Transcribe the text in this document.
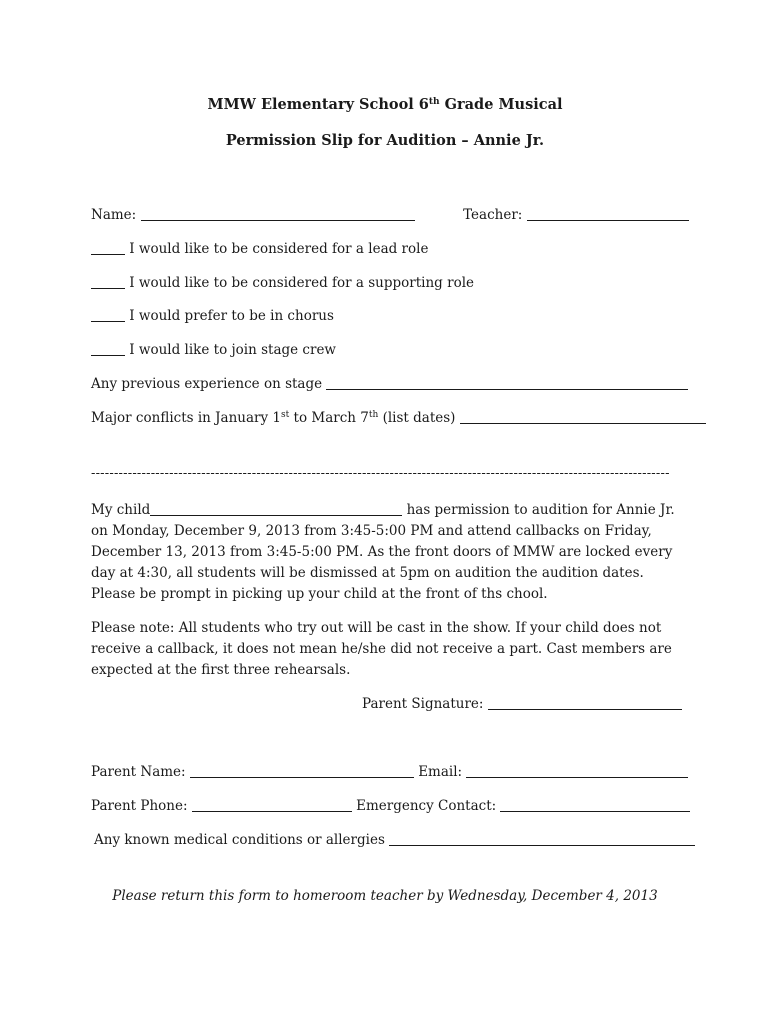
MMW Elementary School 6th Grade Musical
Permission Slip for Audition – Annie Jr.
Name:	Teacher:
I would like to be considered for a lead role
I would like to be considered for a supporting role
I would prefer to be in chorus
I would like to join stage crew
Any previous experience on stage
Major conflicts in January 1st to March 7th (list dates)
------------------------------------------------------------------------------------------------------------------------------
My child	has permission to audition for Annie Jr. on Monday, December 9, 2013 from 3:45-5:00 PM and attend callbacks on Friday, December 13, 2013 from 3:45-5:00 PM. As the front doors of MMW are locked every day at 4:30, all students will be dismissed at 5pm on audition the audition dates. Please be prompt in picking up your child at the front of ths chool.
Please note: All students who try out will be cast in the show. If your child does not receive a callback, it does not mean he/she did not receive a part. Cast members are expected at the first three rehearsals.
Parent Signature:
Parent Name:	Email:
Parent Phone:	Emergency Contact:
Any known medical conditions or allergies
Please return this form to homeroom teacher by Wednesday, December 4, 2013
